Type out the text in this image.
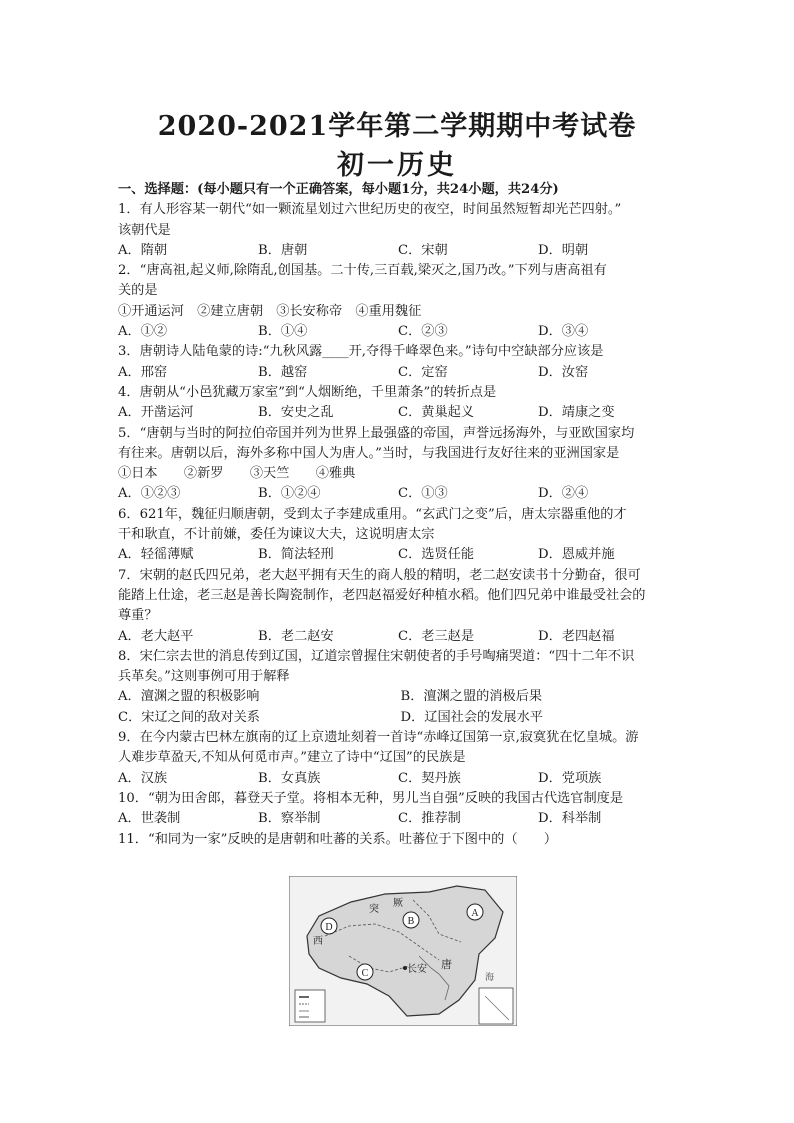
2020-2021学年第二学期期中考试卷
初一历史
一、选择题：(每小题只有一个正确答案，每小题1分，共24小题，共24分)
1．有人形容某一朝代“如一颗流星划过六世纪历史的夜空，时间虽然短暂却光芒四射。”
该朝代是
A．隋朝	B．唐朝	C．宋朝	D．明朝
2．“唐高祖,起义师,除隋乱,创国基。二十传,三百载,梁灭之,国乃改。”下列与唐高祖有
关的是
①开通运河　②建立唐朝　③长安称帝　④重用魏征
A．①②	B．①④	C．②③	D．③④
3．唐朝诗人陆龟蒙的诗:“九秋风露____开,夺得千峰翠色来。”诗句中空缺部分应该是
A．邢窑	B．越窑	C．定窑	D．汝窑
4．唐朝从“小邑犹藏万家室”到“人烟断绝，千里萧条”的转折点是
A．开凿运河	B．安史之乱	C．黄巢起义	D．靖康之变
5．“唐朝与当时的阿拉伯帝国并列为世界上最强盛的帝国，声誉远扬海外，与亚欧国家均
有往来。唐朝以后，海外多称中国人为唐人。”当时，与我国进行友好往来的亚洲国家是
①日本　　②新罗　　③天竺　　④雅典
A．①②③	B．①②④	C．①③	D．②④
6．621年，魏征归顺唐朝，受到太子李建成重用。“玄武门之变”后，唐太宗器重他的才
干和耿直，不计前嫌，委任为谏议大夫，这说明唐太宗
A．轻徭薄赋	B．简法轻刑	C．选贤任能	D．恩威并施
7．宋朝的赵氏四兄弟，老大赵平拥有天生的商人般的精明，老二赵安读书十分勤奋，很可
能踏上仕途，老三赵是善长陶瓷制作，老四赵福爱好种植水稻。他们四兄弟中谁最受社会的
尊重？
A．老大赵平	B．老二赵安	C．老三赵是	D．老四赵福
8．宋仁宗去世的消息传到辽国，辽道宗曾握住宋朝使者的手号啕痛哭道：“四十二年不识
兵革矣。”这则事例可用于解释
A．澶渊之盟的积极影响	B．澶渊之盟的消极后果
C．宋辽之间的敌对关系	D．辽国社会的发展水平
9．在今内蒙古巴林左旗南的辽上京遗址刻着一首诗“赤峰辽国第一京,寂寞犹在忆皇城。游
人难步草盈天,不知从何觅市声。”建立了诗中“辽国”的民族是
A．汉族	B．女真族	C．契丹族	D．党项族
10．“朝为田舍郎，暮登天子堂。将相本无种，男儿当自强”反映的我国古代选官制度是
A．世袭制	B．察举制	C．推荐制	D．科举制
11．“和同为一家”反映的是唐朝和吐蕃的关系。吐蕃位于下图中的（　　）
A
B
C
D
突
厥
西
长安 唐
海
